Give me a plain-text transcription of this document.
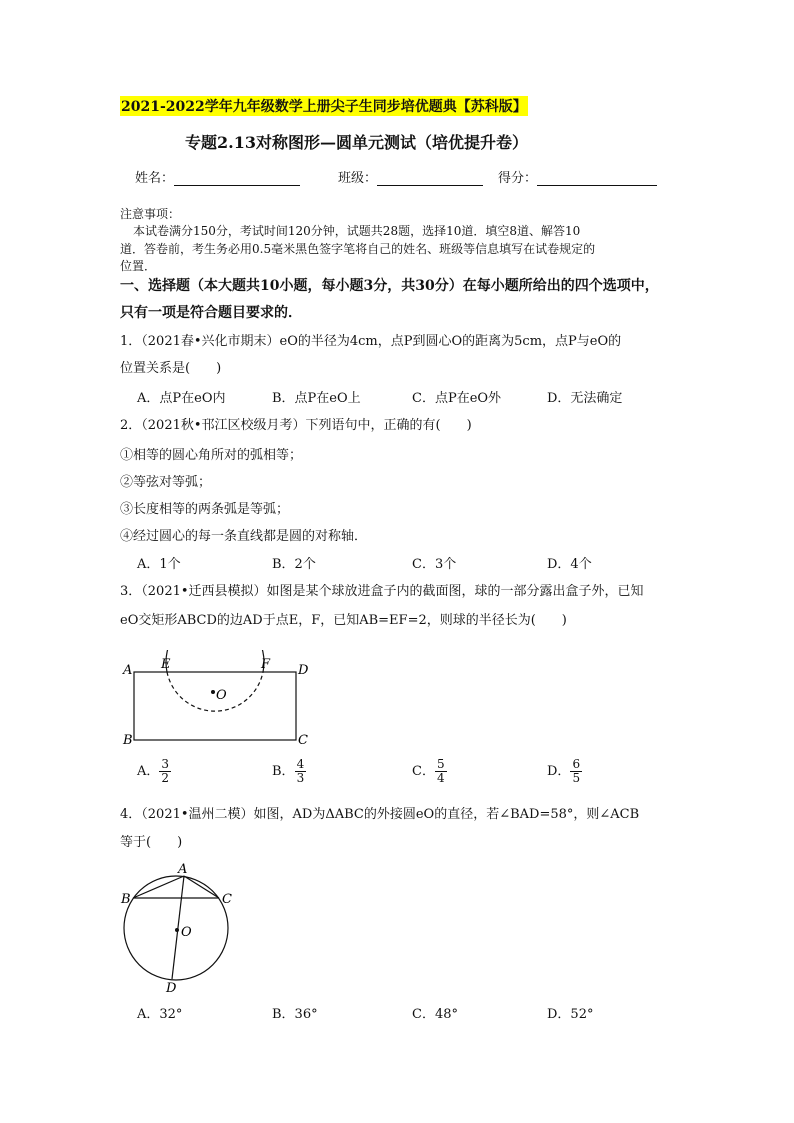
2021-2022学年九年级数学上册尖子生同步培优题典【苏科版】
专题2.13对称图形—圆单元测试（培优提升卷）
姓名：	班级：	得分：
注意事项：
本试卷满分150分，考试时间120分钟，试题共28题，选择10道．填空8道、解答10
道．答卷前，考生务必用0.5毫米黑色签字笔将自己的姓名、班级等信息填写在试卷规定的
位置．
一、选择题（本大题共10小题，每小题3分，共30分）在每小题所给出的四个选项中，
只有一项是符合题目要求的．
1．（2021春•兴化市期末）eO的半径为4cm，点P到圆心O的距离为5cm，点P与eO的
位置关系是(　　)
A．点P在eO内	B．点P在eO上	C．点P在eO外	D．无法确定
2．（2021秋•邗江区校级月考）下列语句中，正确的有(　　)
①相等的圆心角所对的弧相等；
②等弦对等弧；
③长度相等的两条弧是等弧；
④经过圆心的每一条直线都是圆的对称轴．
A．1个	B．2个	C．3个	D．4个
3．（2021•迁西县模拟）如图是某个球放进盒子内的截面图，球的一部分露出盒子外，已知
eO交矩形ABCD的边AD于点E，F，已知AB=EF=2，则球的半径长为(　　)
A E	F D
O
B	C
A． $\frac{3}{2}$	B． $\frac{4}{3}$	C． $\frac{5}{4}$	D． $\frac{6}{5}$
4．（2021•温州二模）如图，AD为ΔABC的外接圆eO的直径，若∠BAD=58°，则∠ACB
等于(　　)
A
B	C
O
D
A．32°	B．36°	C．48°	D．52°
